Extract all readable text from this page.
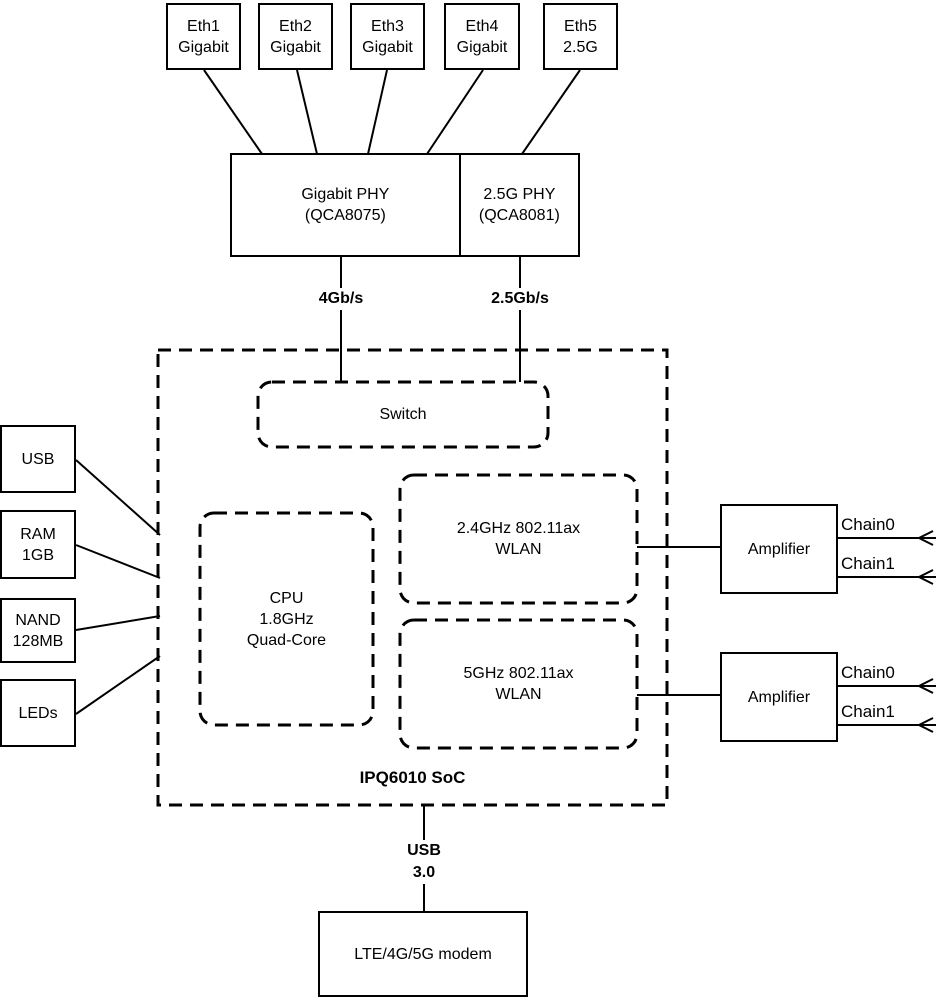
Eth1
Gigabit
Eth2
Gigabit
Eth3
Gigabit
Eth4
Gigabit
Eth5
2.5G
Gigabit PHY
(QCA8075)
2.5G PHY
(QCA8081)
4Gb/s	2.5Gb/s
Switch
CPU
1.8GHz
Quad-Core
2.4GHz 802.11ax
WLAN
5GHz 802.11ax
WLAN
IPQ6010 SoC
USB
RAM
1GB
NAND
128MB
LEDs
Amplifier
Amplifier
Chain0
Chain1
Chain0
Chain1
USB
3.0
LTE/4G/5G modem
